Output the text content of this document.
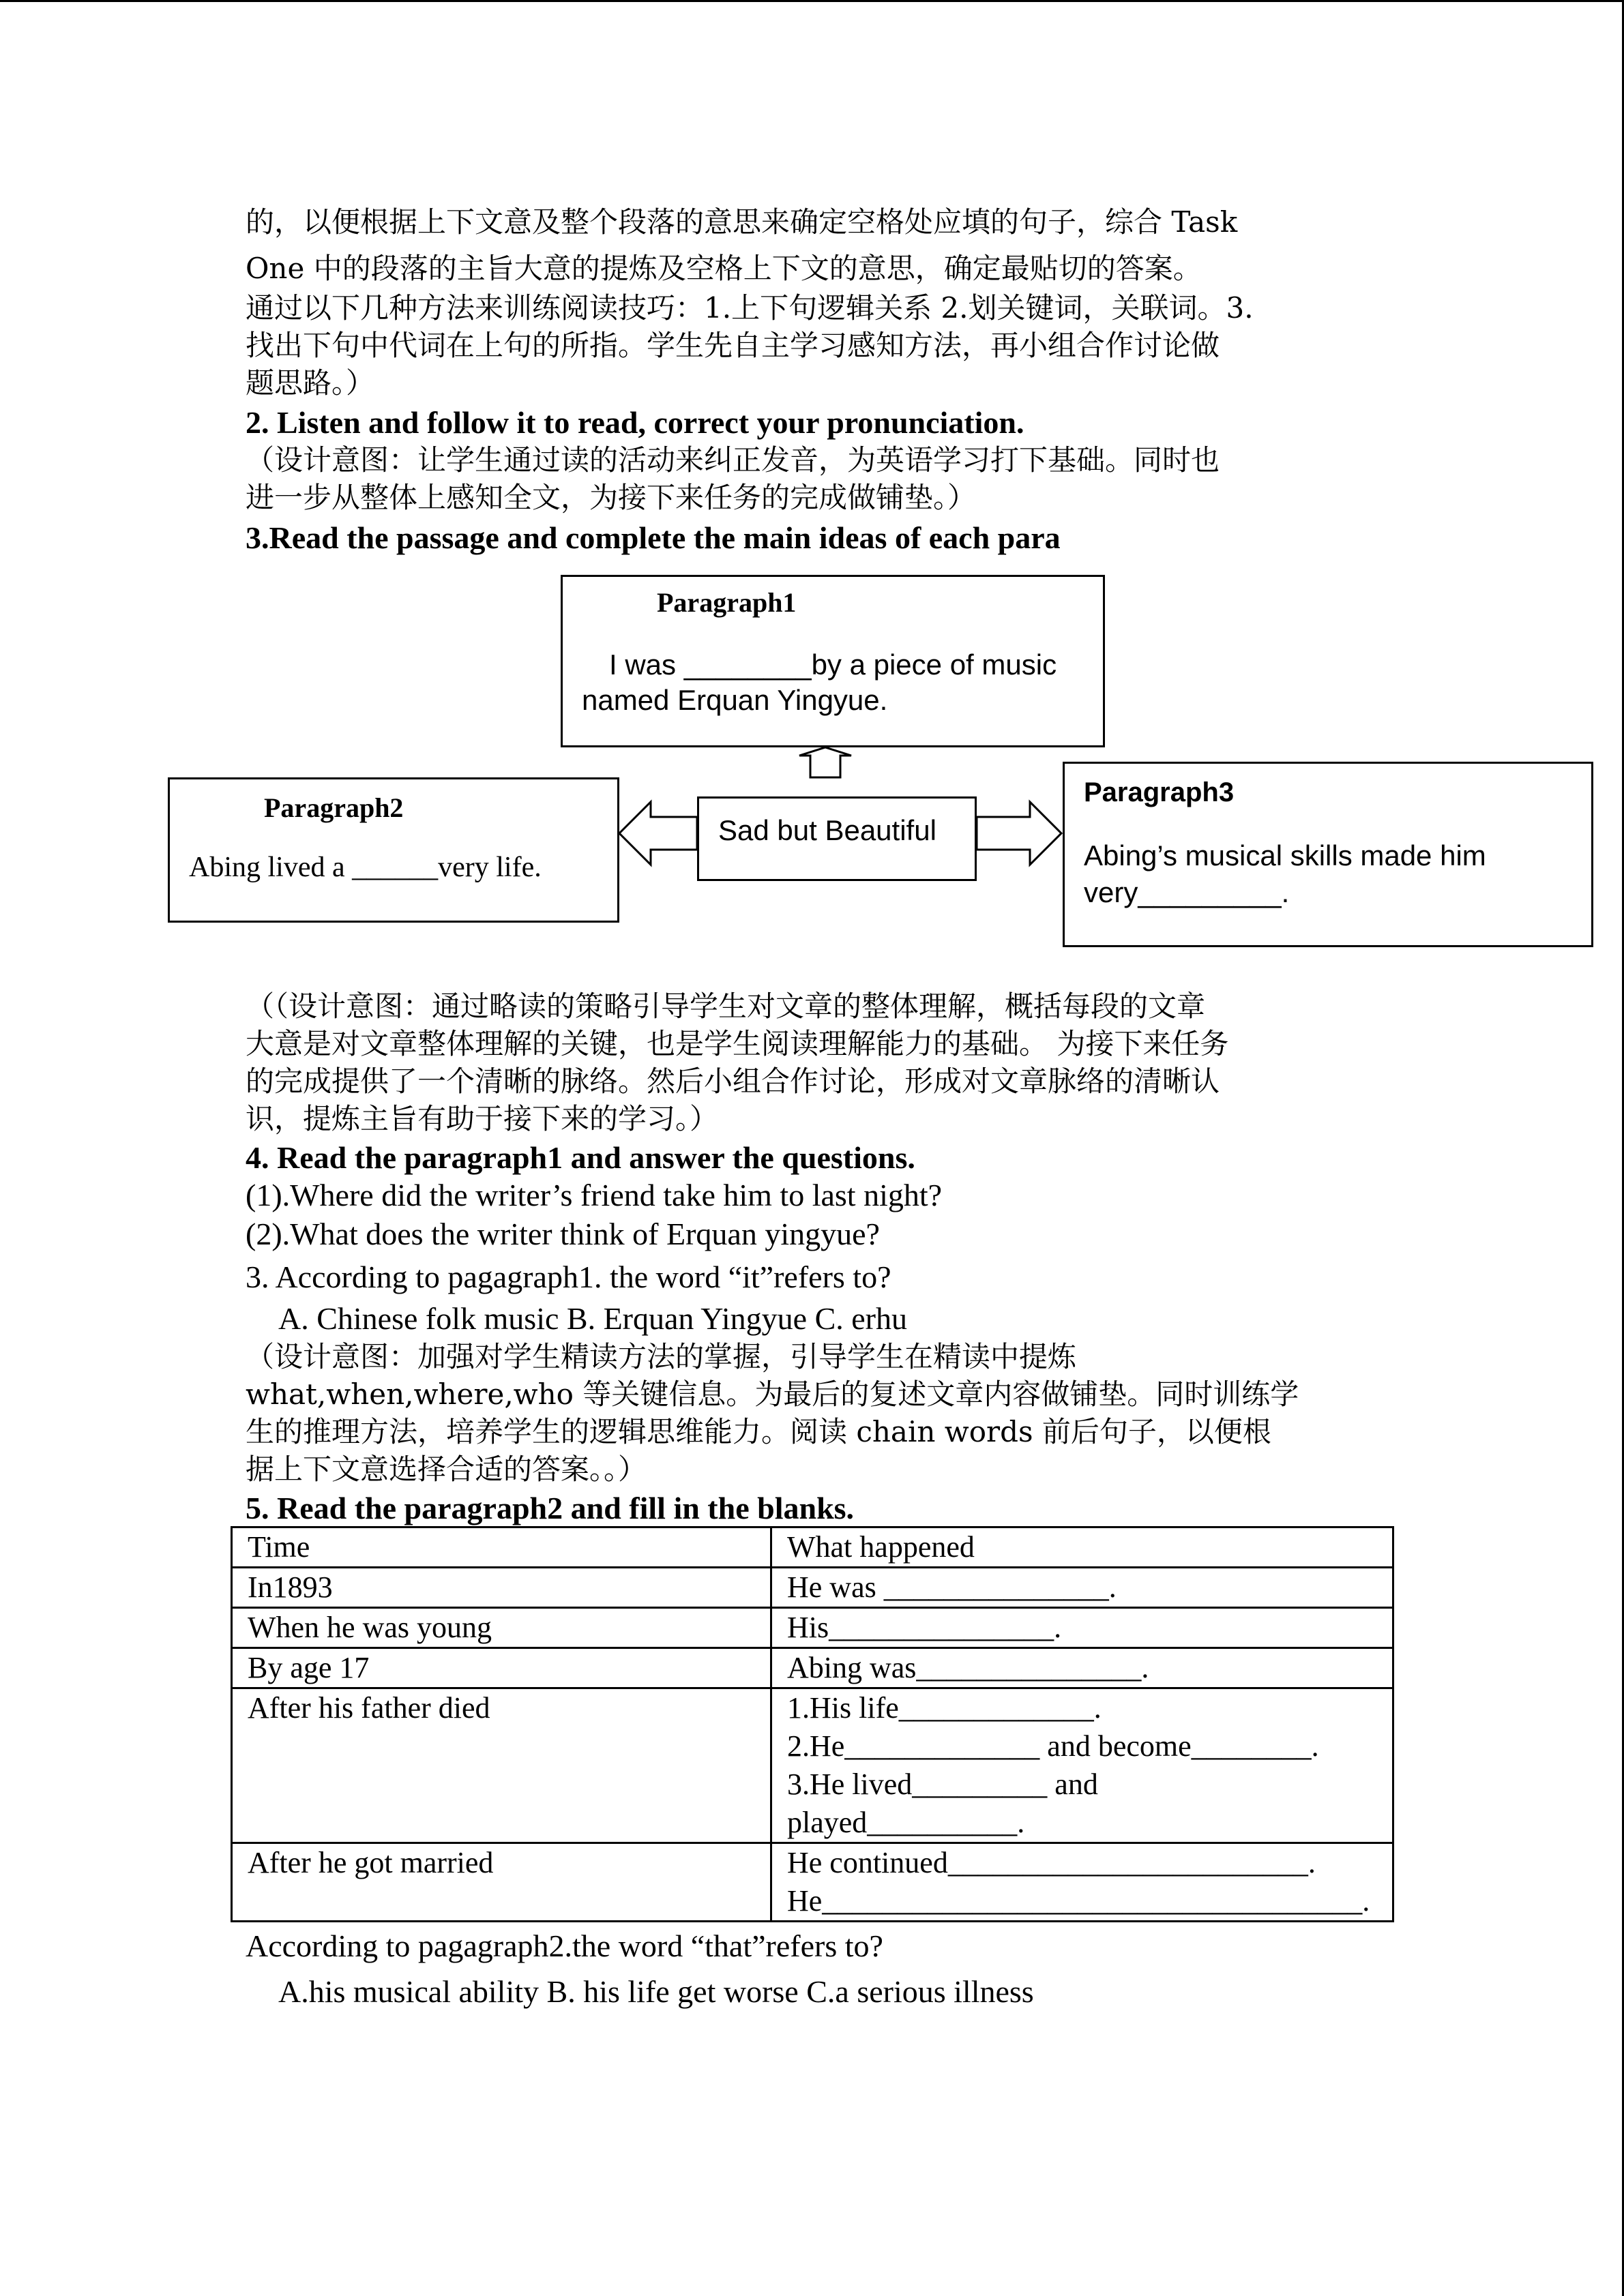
的，以便根据上下文意及整个段落的意思来确定空格处应填的句子，综合 Task
One 中的段落的主旨大意的提炼及空格上下文的意思，确定最贴切的答案。
通过以下几种方法来训练阅读技巧：1.上下句逻辑关系 2.划关键词，关联词。3.
找出下句中代词在上句的所指。学生先自主学习感知方法，再小组合作讨论做
题思路。）
2. Listen and follow it to read, correct your pronunciation.
（设计意图：让学生通过读的活动来纠正发音，为英语学习打下基础。同时也
进一步从整体上感知全文，为接下来任务的完成做铺垫。）
3.Read the passage and complete the main ideas of each para
Paragraph1
I was ________by a piece of music
named Erquan Yingyue.
Paragraph2
Abing lived a ______very life.
Sad but Beautiful
Paragraph3
Abing’s musical skills made him
very_________.
（（设计意图：通过略读的策略引导学生对文章的整体理解，概括每段的文章
大意是对文章整体理解的关键，也是学生阅读理解能力的基础。 为接下来任务
的完成提供了一个清晰的脉络。然后小组合作讨论，形成对文章脉络的清晰认
识，提炼主旨有助于接下来的学习。）
4. Read the paragraph1 and answer the questions.
(1).Where did the writer’s friend take him to last night?
(2).What does the writer think of Erquan yingyue?
3. According to pagagraph1. the word “it”refers to?
A. Chinese folk music B. Erquan Yingyue C. erhu
（设计意图：加强对学生精读方法的掌握，引导学生在精读中提炼
what,when,where,who 等关键信息。为最后的复述文章内容做铺垫。同时训练学
生的推理方法，培养学生的逻辑思维能力。阅读 chain words 前后句子，以便根
据上下文意选择合适的答案。。）
5. Read the paragraph2 and fill in the blanks.
Time	What happened
In1893	He was _______________.

When he was young	His_______________.

By age 17	Abing was_______________.

After his father died	1.His life_____________.
2.He_____________ and become________.
3.He lived_________ and
played__________.

After he got married	He continued________________________.
He____________________________________.
According to pagagraph2.the word “that”refers to?
A.his musical ability B. his life get worse C.a serious illness
